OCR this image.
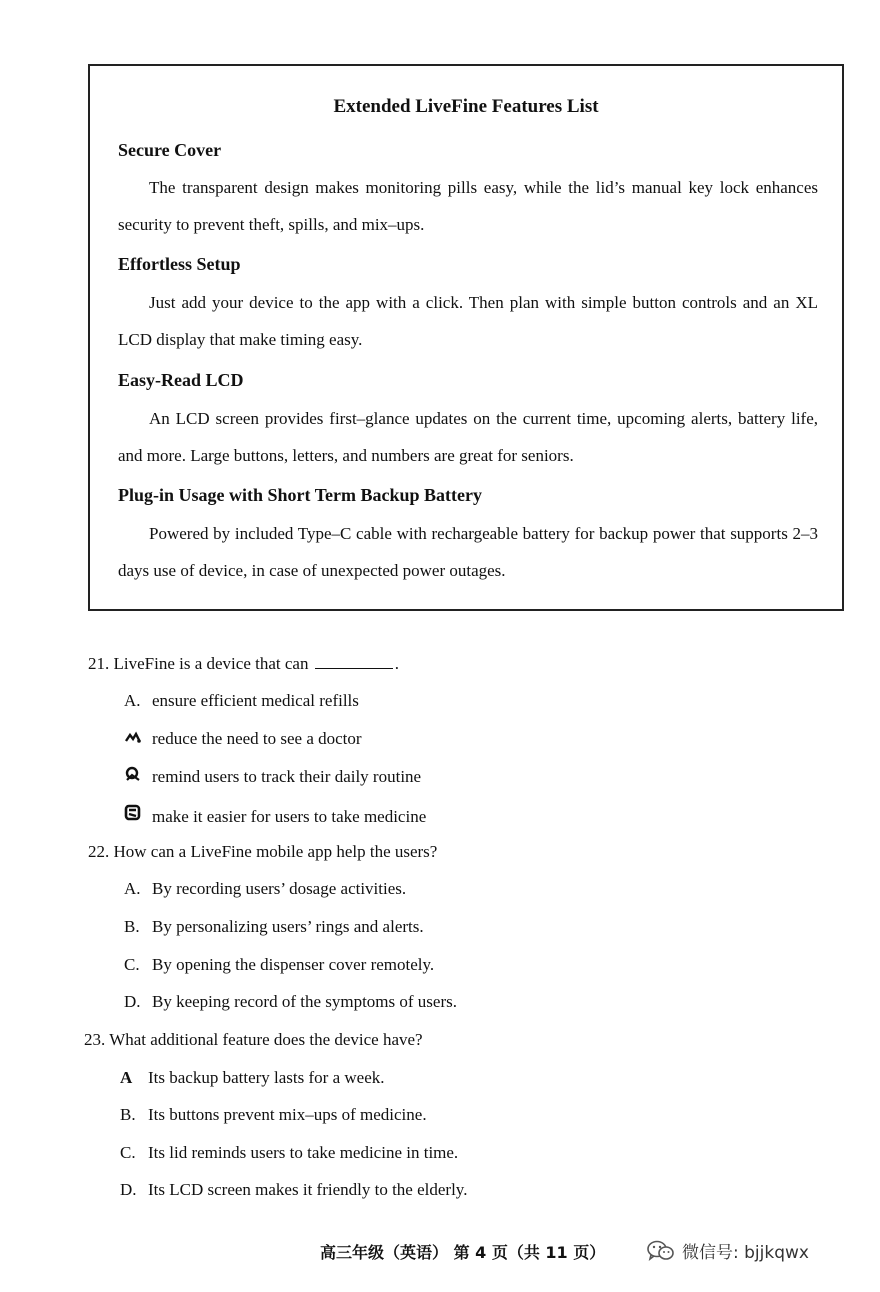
Extended LiveFine Features List
Secure Cover
The transparent design makes monitoring pills easy, while the lid’s manual key lock enhances security to prevent theft, spills, and mix–ups.
Effortless Setup
Just add your device to the app with a click. Then plan with simple button controls and an XL LCD display that make timing easy.
Easy-Read LCD
An LCD screen provides first–glance updates on the current time, upcoming alerts, battery life, and more. Large buttons, letters, and numbers are great for seniors.
Plug-in Usage with Short Term Backup Battery
Powered by included Type–C cable with rechargeable battery for backup power that supports 2–3 days use of device, in case of unexpected power outages.
21. LiveFine is a device that can	.
A. ensure efficient medical refills
reduce the need to see a doctor
remind users to track their daily routine
make it easier for users to take medicine
22. How can a LiveFine mobile app help the users?
A. By recording users’ dosage activities.
B. By personalizing users’ rings and alerts.
C. By opening the dispenser cover remotely.
D. By keeping record of the symptoms of users.
23. What additional feature does the device have?
A Its backup battery lasts for a week.
B. Its buttons prevent mix–ups of medicine.
C. Its lid reminds users to take medicine in time.
D. Its LCD screen makes it friendly to the elderly.
高三年级（英语） 第 4 页（共 11 页）	微信号: bjjkqwx
